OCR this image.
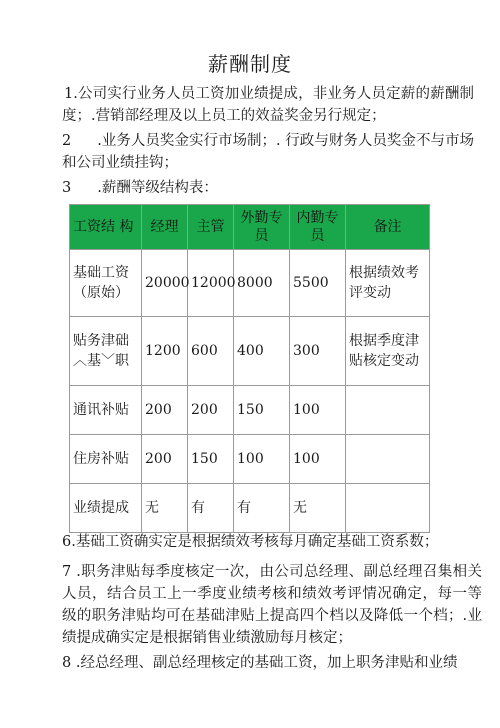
薪酬制度
1.公司实行业务人员工资加业绩提成，非业务人员定薪的薪酬制度；.营销部经理及以上员工的效益奖金另行规定；
2 .业务人员奖金实行市场制；. 行政与财务人员奖金不与市场和公司业绩挂钩；
3 .薪酬等级结构表：
工资结 构	经理	主管	外勤专员	内勤专员	备注
基础工资（原始）	20000	12000	8000	5500	根据绩效考评变动
贴务津础︿基﹀职	1200	600	400	300	根据季度津贴核定变动
通讯补贴	200	200	150	100	
住房补贴	200	150	100	100	
业绩提成	无	有	有	无	
6.基础工资确实定是根据绩效考核每月确定基础工资系数；
7 .职务津贴每季度核定一次，由公司总经理、副总经理召集相关人员，结合员工上一季度业绩考核和绩效考评情况确定，每一等级的职务津贴均可在基础津贴上提高四个档以及降低一个档；.业绩提成确实定是根据销售业绩激励每月核定；
8 .经总经理、副总经理核定的基础工资，加上职务津贴和业绩
